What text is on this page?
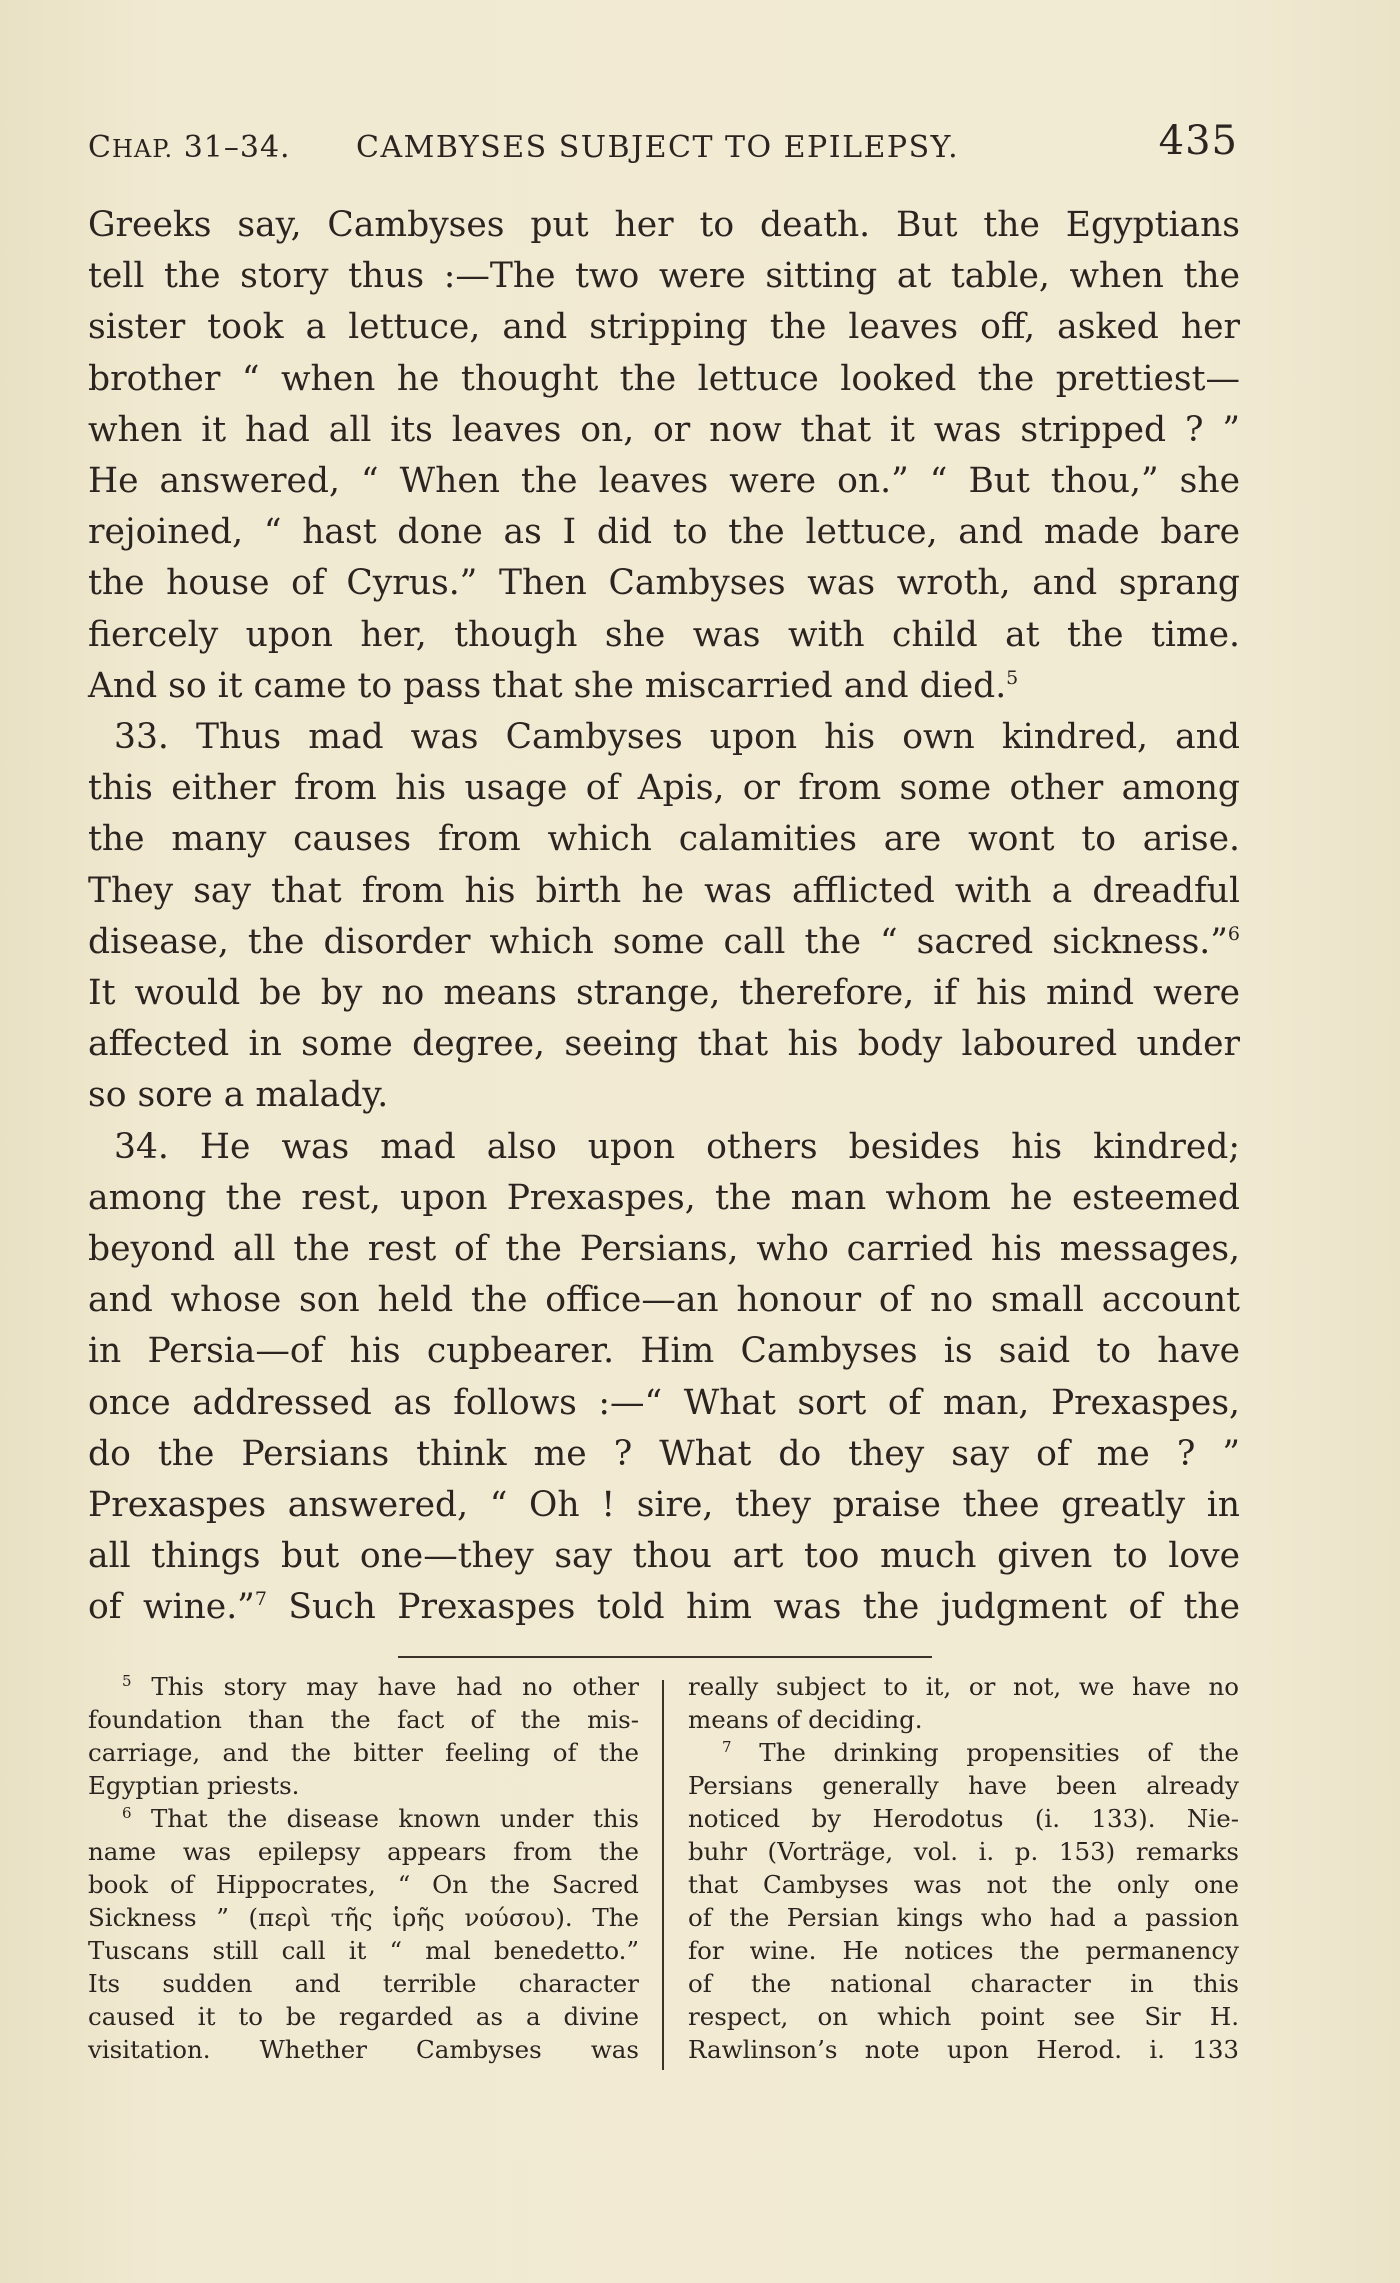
CHAP. 31–34. CAMBYSES SUBJECT TO EPILEPSY.	435

Greeks say, Cambyses put her to death. But the Egyptians

tell the story thus :—The two were sitting at table, when the

sister took a lettuce, and stripping the leaves off, asked her

brother “ when he thought the lettuce looked the prettiest—

when it had all its leaves on, or now that it was stripped ? ”

He answered, “ When the leaves were on.” “ But thou,” she

rejoined, “ hast done as I did to the lettuce, and made bare

the house of Cyrus.” Then Cambyses was wroth, and sprang

fiercely upon her, though she was with child at the time.

And so it came to pass that she miscarried and died.$^5$

33. Thus mad was Cambyses upon his own kindred, and

this either from his usage of Apis, or from some other among

the many causes from which calamities are wont to arise.

They say that from his birth he was afflicted with a dreadful

disease, the disorder which some call the “ sacred sickness.”$^6$

It would be by no means strange, therefore, if his mind were

affected in some degree, seeing that his body laboured under

so sore a malady.

34. He was mad also upon others besides his kindred;

among the rest, upon Prexaspes, the man whom he esteemed

beyond all the rest of the Persians, who carried his messages,

and whose son held the office—an honour of no small account

in Persia—of his cupbearer. Him Cambyses is said to have

once addressed as follows :—“ What sort of man, Prexaspes,

do the Persians think me ? What do they say of me ? ”

Prexaspes answered, “ Oh ! sire, they praise thee greatly in

all things but one—they say thou art too much given to love

of wine.”$^7$ Such Prexaspes told him was the judgment of the

$^5$ This story may have had no other

foundation than the fact of the mis-

carriage, and the bitter feeling of the

Egyptian priests.

$^6$ That the disease known under this

name was epilepsy appears from the

book of Hippocrates, “ On the Sacred

Sickness ” (περὶ τῆς ἱρῆς νούσου). The

Tuscans still call it “ mal benedetto.”

Its sudden and terrible character

caused it to be regarded as a divine

visitation. Whether Cambyses was

really subject to it, or not, we have no

means of deciding.

$^7$ The drinking propensities of the

Persians generally have been already

noticed by Herodotus (i. 133). Nie-

buhr (Vorträge, vol. i. p. 153) remarks

that Cambyses was not the only one

of the Persian kings who had a passion

for wine. He notices the permanency

of the national character in this

respect, on which point see Sir H.

Rawlinson’s note upon Herod. i. 133
